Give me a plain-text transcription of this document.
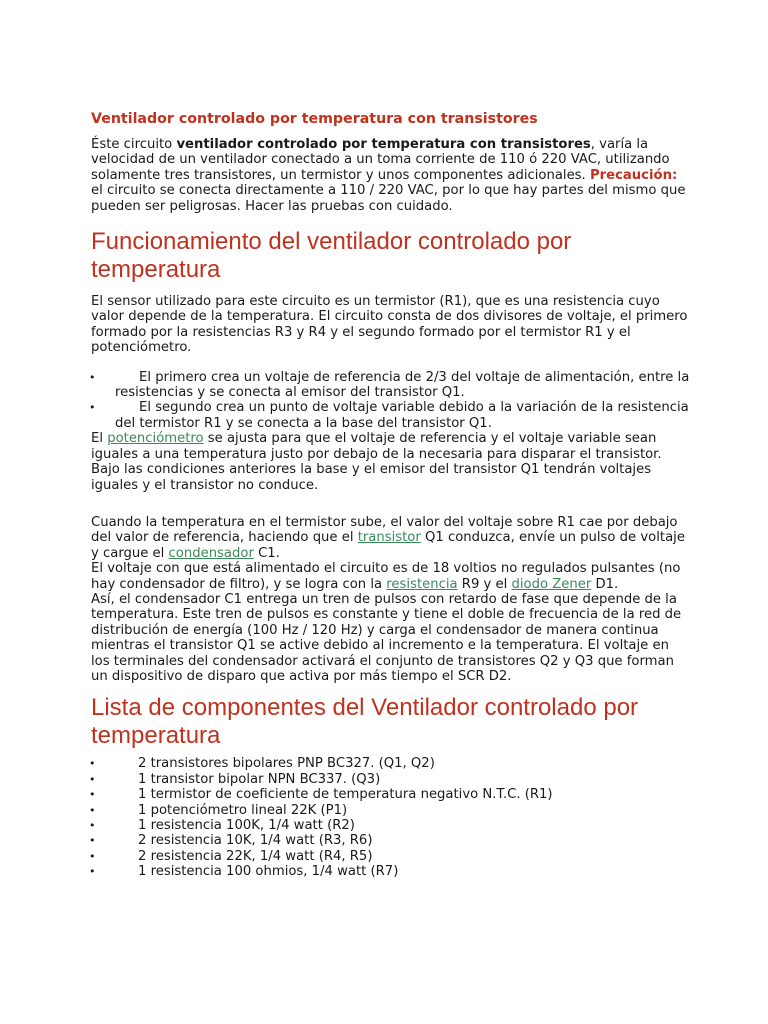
Ventilador controlado por temperatura con transistores

Éste circuito ventilador controlado por temperatura con transistores, varía la velocidad de un ventilador conectado a un toma corriente de 110 ó 220 VAC, utilizando solamente tres transistores, un termistor y unos componentes adicionales. Precaución: el circuito se conecta directamente a 110 / 220 VAC, por lo que hay partes del mismo que pueden ser peligrosas. Hacer las pruebas con cuidado.

Funcionamiento del ventilador controlado por temperatura

El sensor utilizado para este circuito es un termistor (R1), que es una resistencia cuyo valor depende de la temperatura. El circuito consta de dos divisores de voltaje, el primero formado por la resistencias R3 y R4 y el segundo formado por el termistor R1 y el potenciómetro.

•	El primero crea un voltaje de referencia de 2/3 del voltaje de alimentación, entre la resistencias y se conecta al emisor del transistor Q1.
•	El segundo crea un punto de voltaje variable debido a la variación de la resistencia del termistor R1 y se conecta a la base del transistor Q1.

El potenciómetro se ajusta para que el voltaje de referencia y el voltaje variable sean iguales a una temperatura justo por debajo de la necesaria para disparar el transistor.

Bajo las condiciones anteriores la base y el emisor del transistor Q1 tendrán voltajes iguales y el transistor no conduce.

Cuando la temperatura en el termistor sube, el valor del voltaje sobre R1 cae por debajo del valor de referencia, haciendo que el transistor Q1 conduzca, envíe un pulso de voltaje y cargue el condensador C1.

El voltaje con que está alimentado el circuito es de 18 voltios no regulados pulsantes (no hay condensador de filtro), y se logra con la resistencia R9 y el diodo Zener D1.

Así, el condensador C1 entrega un tren de pulsos con retardo de fase que depende de la temperatura. Este tren de pulsos es constante y tiene el doble de frecuencia de la red de distribución de energía (100 Hz / 120 Hz) y carga el condensador de manera continua mientras el transistor Q1 se active debido al incremento e la temperatura. El voltaje en los terminales del condensador activará el conjunto de transistores Q2 y Q3 que forman un dispositivo de disparo que activa por más tiempo el SCR D2.

Lista de componentes del Ventilador controlado por temperatura
•	2 transistores bipolares PNP BC327. (Q1, Q2)
•	1 transistor bipolar NPN BC337. (Q3)
•	1 termistor de coeficiente de temperatura negativo N.T.C. (R1)
•	1 potenciómetro lineal 22K (P1)
•	1 resistencia 100K, 1/4 watt (R2)
•	2 resistencia 10K, 1/4 watt (R3, R6)
•	2 resistencia 22K, 1/4 watt (R4, R5)
•	1 resistencia 100 ohmios, 1/4 watt (R7)
